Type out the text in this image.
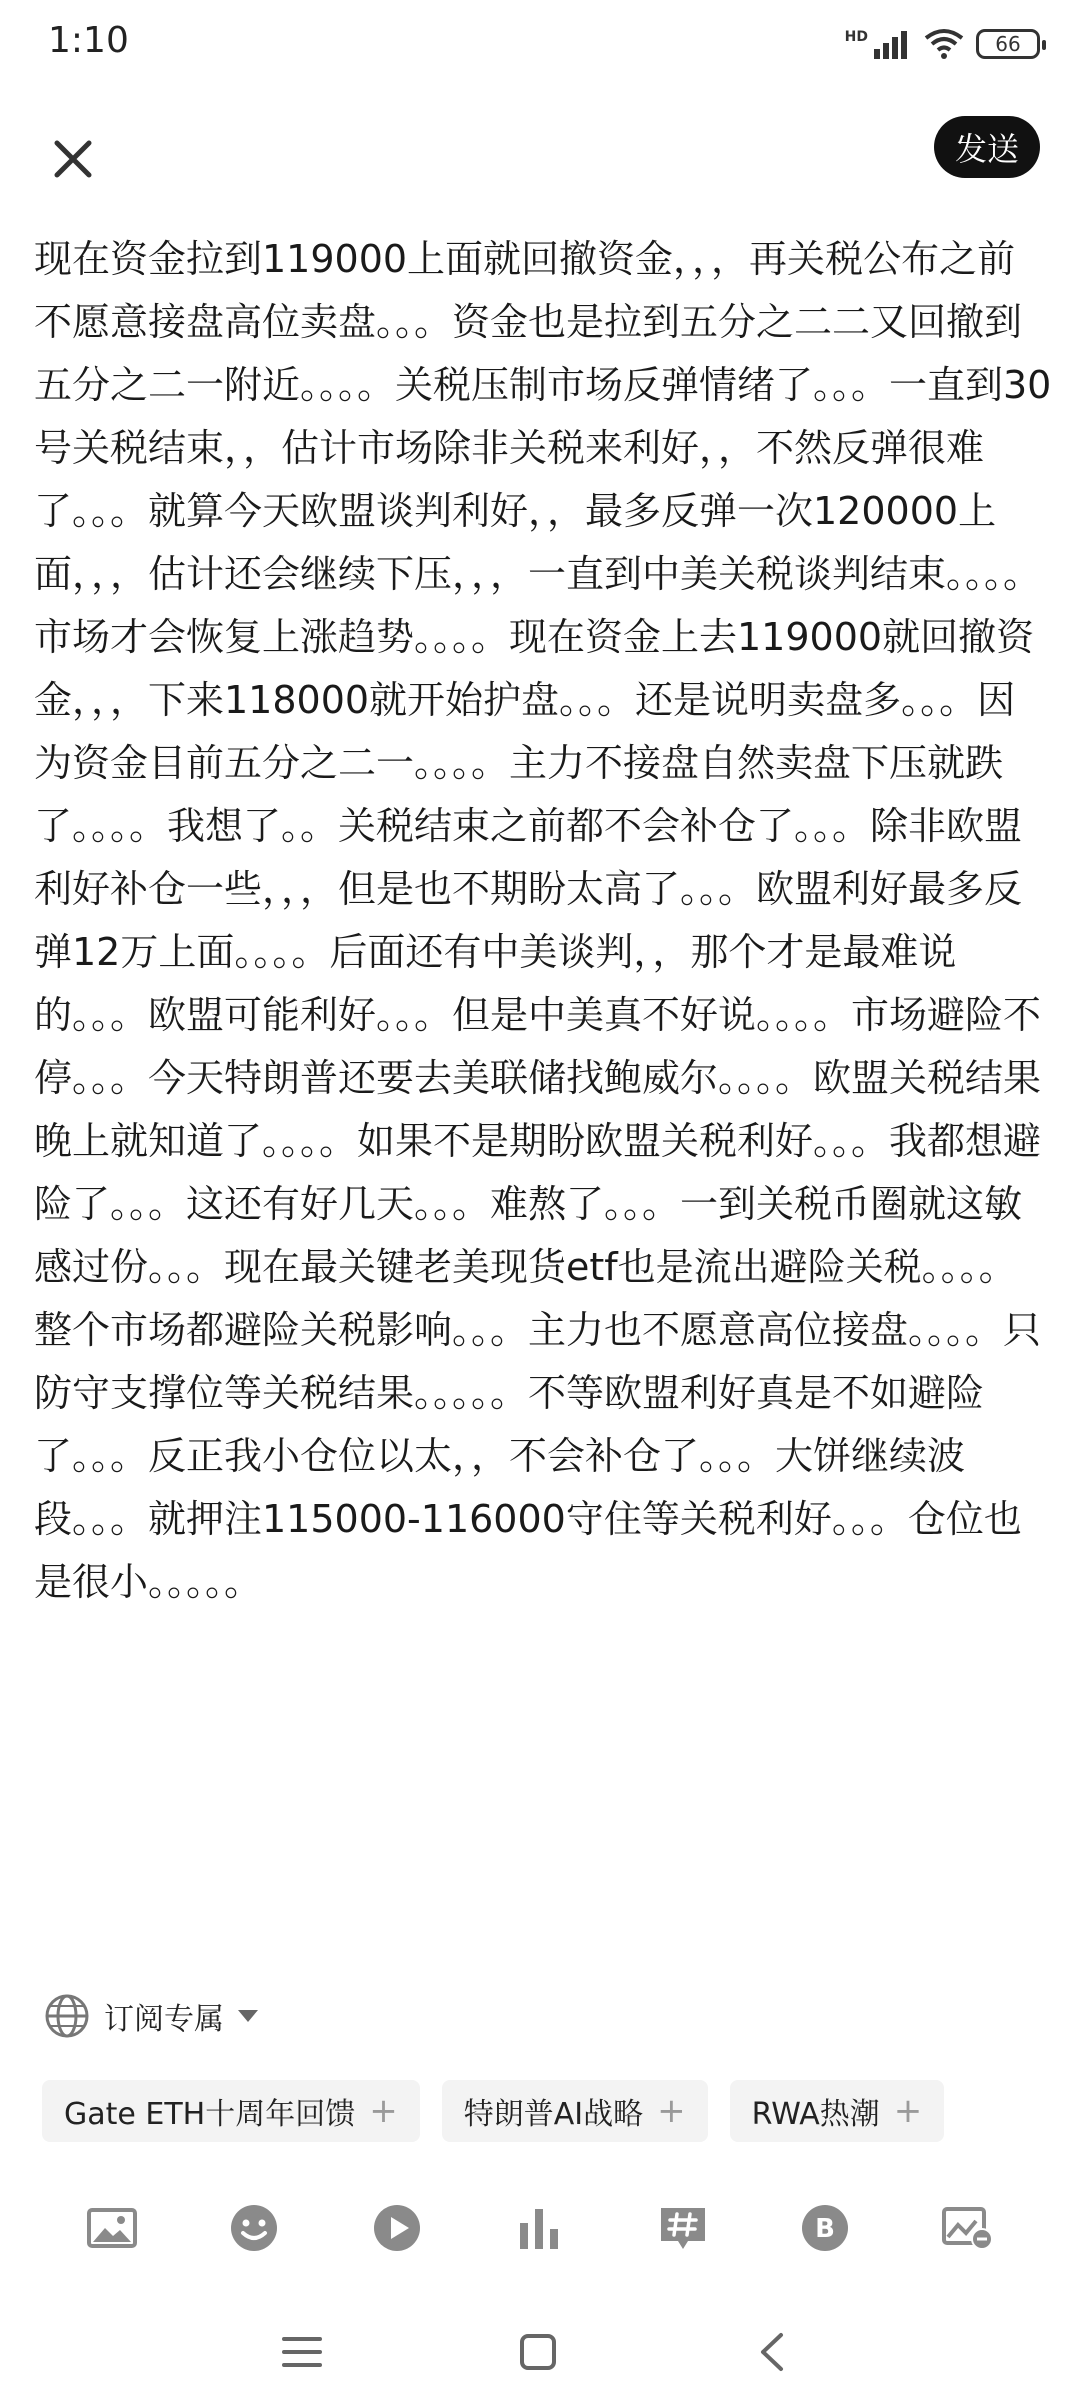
1:10	HD	66
发送
现在资金拉到119000上面就回撤资金，，，再关税公布之前不愿意接盘高位卖盘。。。资金也是拉到五分之二二又回撤到五分之二一附近。。。。关税压制市场反弹情绪了。。。一直到30号关税结束，，估计市场除非关税来利好，，不然反弹很难了。。。就算今天欧盟谈判利好，，最多反弹一次120000上面，，，估计还会继续下压，，，一直到中美关税谈判结束。。。。市场才会恢复上涨趋势。。。。现在资金上去119000就回撤资金，，，下来118000就开始护盘。。。还是说明卖盘多。。。因为资金目前五分之二一。。。。主力不接盘自然卖盘下压就跌了。。。。我想了。。关税结束之前都不会补仓了。。。除非欧盟利好补仓一些，，，但是也不期盼太高了。。。欧盟利好最多反弹12万上面。。。。后面还有中美谈判，，那个才是最难说的。。。欧盟可能利好。。。但是中美真不好说。。。。市场避险不停。。。今天特朗普还要去美联储找鲍威尔。。。。欧盟关税结果晚上就知道了。。。。如果不是期盼欧盟关税利好。。。我都想避险了。。。这还有好几天。。。难熬了。。。一到关税币圈就这敏感过份。。。现在最关键老美现货etf也是流出避险关税。。。。整个市场都避险关税影响。。。主力也不愿意高位接盘。。。。只防守支撑位等关税结果。。。。。不等欧盟利好真是不如避险了。。。反正我小仓位以太，，不会补仓了。。。大饼继续波段。。。就押注115000-116000守住等关税利好。。。仓位也是很小。。。。。
订阅专属
Gate ETH十周年回馈 + 特朗普AI战略 + RWA热潮 +
B
